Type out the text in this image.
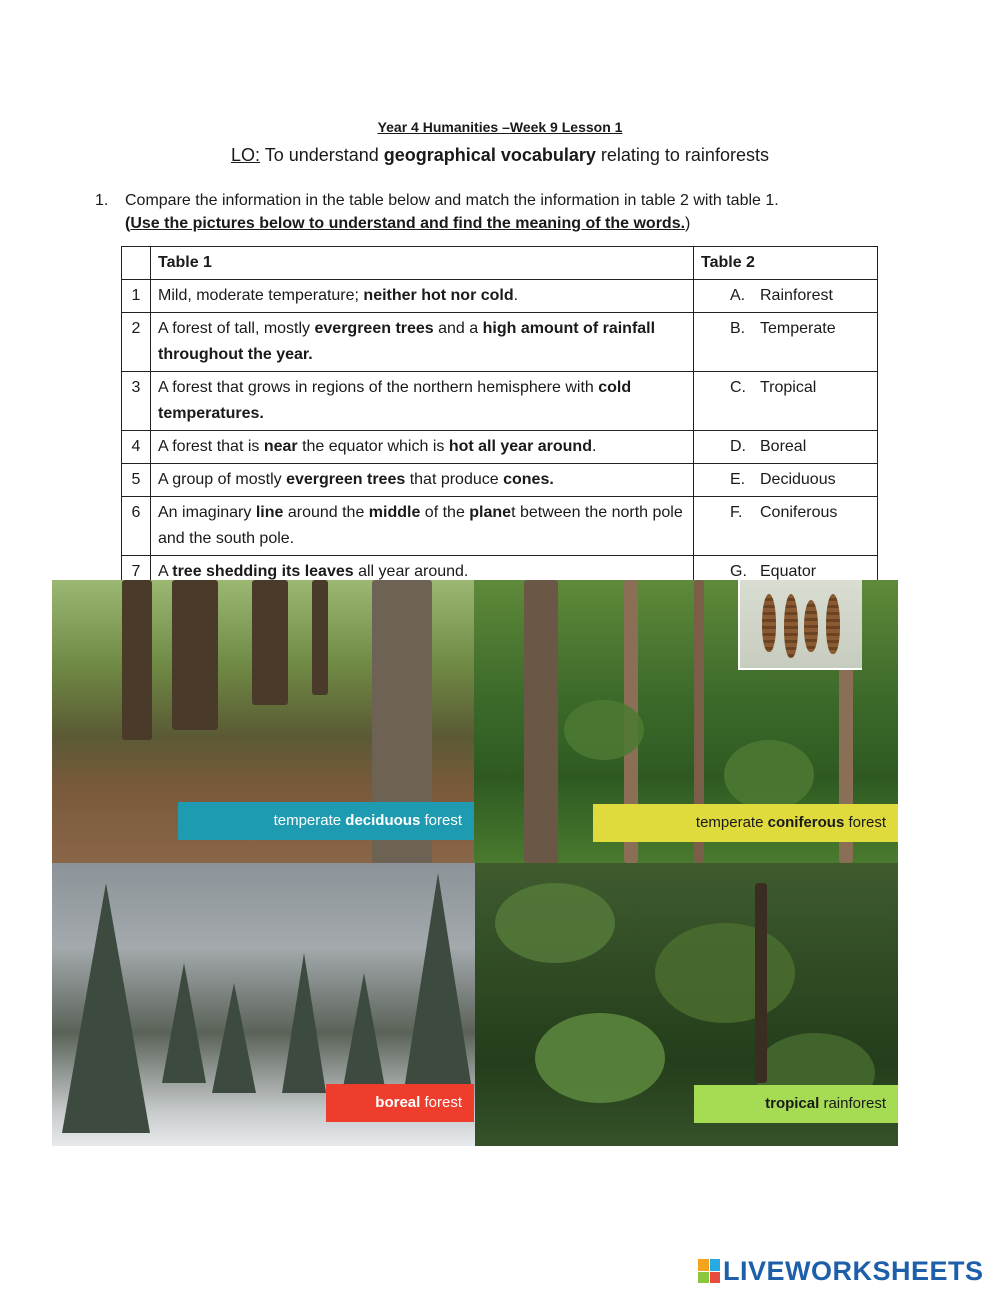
Year 4 Humanities –Week 9 Lesson 1
LO: To understand geographical vocabulary relating to rainforests
1. Compare the information in the table below and match the information in table 2 with table 1.
(Use the pictures below to understand and find the meaning of the words.)
	Table 1	Table 2
1	Mild, moderate temperature; neither hot nor cold.	A. Rainforest
2	A forest of tall, mostly evergreen trees and a high amount of rainfall throughout the year.	B. Temperate
3	A forest that grows in regions of the northern hemisphere with cold temperatures.	C. Tropical
4	A forest that is near the equator which is hot all year around.	D. Boreal
5	A group of mostly evergreen trees that produce cones.	E. Deciduous
6	An imaginary line around the middle of the planet between the north pole and the south pole.	F. Coniferous
7	A tree shedding its leaves all year around.	G. Equator
temperate deciduous forest	temperate coniferous forest
boreal forest	tropical rainforest
LIVEWORKSHEETS
